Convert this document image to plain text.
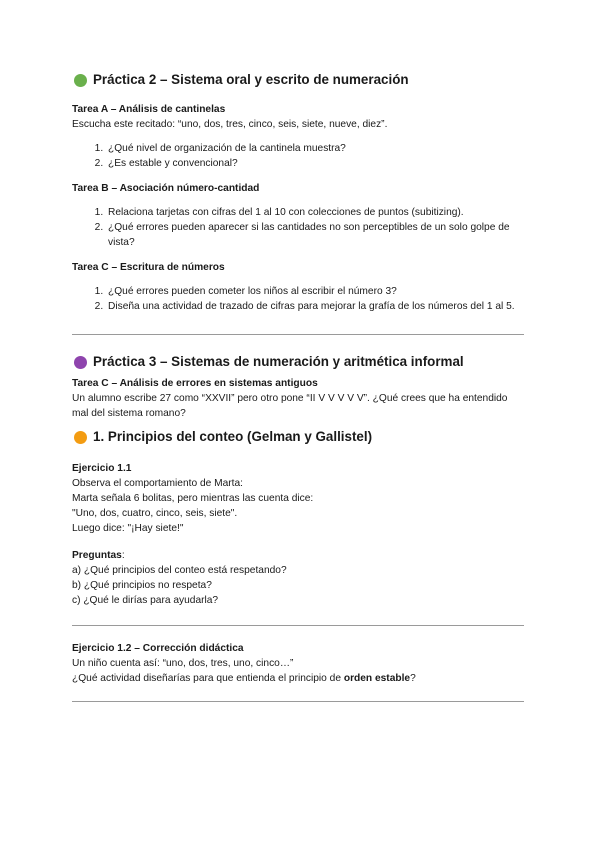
Práctica 2 – Sistema oral y escrito de numeración

Tarea A – Análisis de cantinelas

Escucha este recitado: “uno, dos, tres, cinco, seis, siete, nueve, diez”.

1. ¿Qué nivel de organización de la cantinela muestra?
2. ¿Es estable y convencional?

Tarea B – Asociación número-cantidad

1. Relaciona tarjetas con cifras del 1 al 10 con colecciones de puntos (subitizing).
2. ¿Qué errores pueden aparecer si las cantidades no son perceptibles de un solo golpe de vista?

Tarea C – Escritura de números

1. ¿Qué errores pueden cometer los niños al escribir el número 3?
2. Diseña una actividad de trazado de cifras para mejorar la grafía de los números del 1 al 5.
Práctica 3 – Sistemas de numeración y aritmética informal

Tarea C – Análisis de errores en sistemas antiguos

Un alumno escribe 27 como “XXVII” pero otro pone “II V V V V V”. ¿Qué crees que ha entendido mal del sistema romano?

1. Principios del conteo (Gelman y Gallistel)

Ejercicio 1.1

Observa el comportamiento de Marta:

Marta señala 6 bolitas, pero mientras las cuenta dice:

"Uno, dos, cuatro, cinco, seis, siete".

Luego dice: "¡Hay siete!"

Preguntas:

a) ¿Qué principios del conteo está respetando?

b) ¿Qué principios no respeta?

c) ¿Qué le dirías para ayudarla?

Ejercicio 1.2 – Corrección didáctica

Un niño cuenta así: “uno, dos, tres, uno, cinco…”

¿Qué actividad diseñarías para que entienda el principio de orden estable?
